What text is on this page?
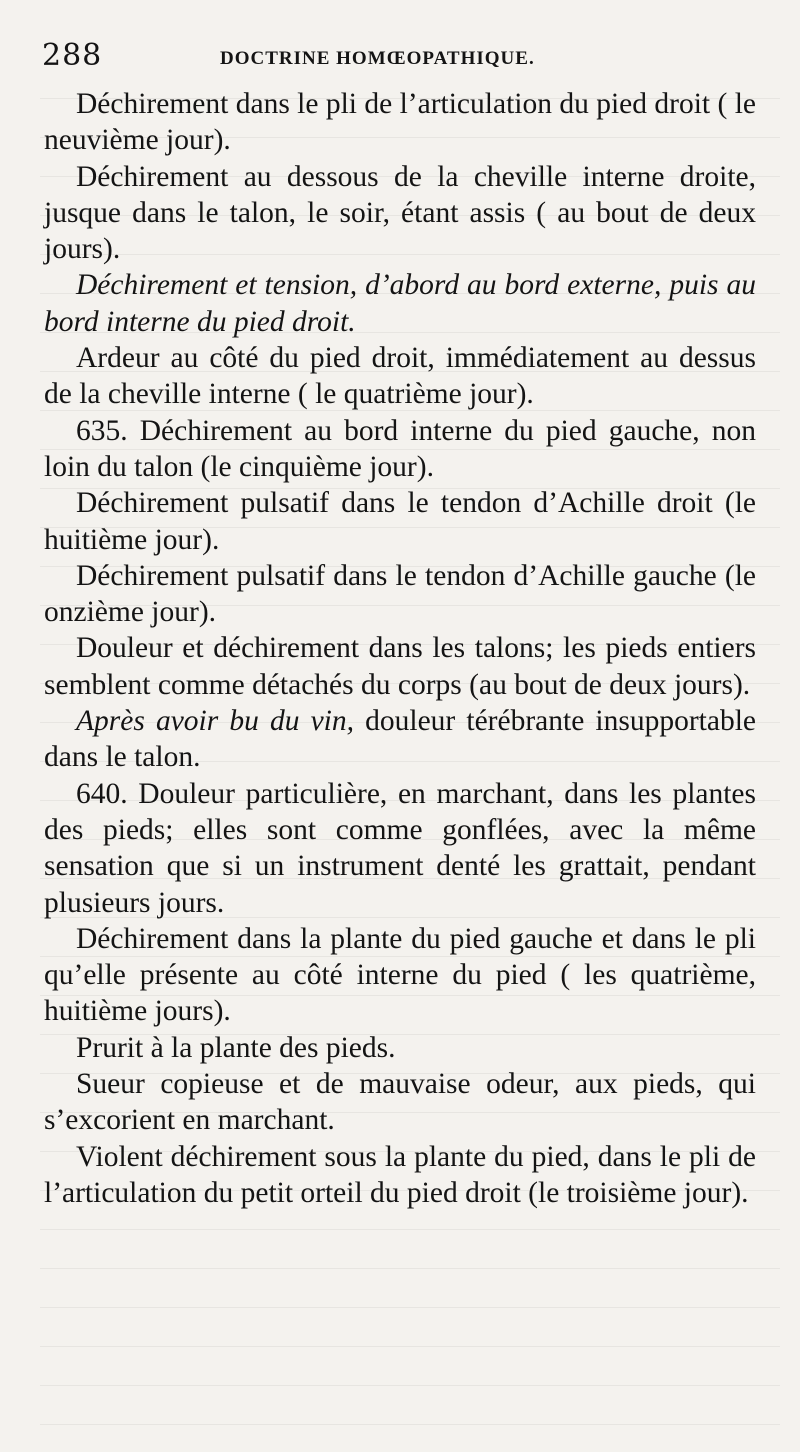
288	DOCTRINE HOMŒOPATHIQUE.

Déchirement dans le pli de l’articulation du pied droit ( le neuvième jour).

Déchirement au dessous de la cheville interne droite, jusque dans le talon, le soir, étant assis ( au bout de deux jours).

Déchirement et tension, d’abord au bord externe, puis au bord interne du pied droit.

Ardeur au côté du pied droit, immédiatement au dessus de la cheville interne ( le quatrième jour).

635. Déchirement au bord interne du pied gauche, non loin du talon (le cinquième jour).

Déchirement pulsatif dans le tendon d’Achille droit (le huitième jour).

Déchirement pulsatif dans le tendon d’Achille gauche (le onzième jour).

Douleur et déchirement dans les talons; les pieds entiers semblent comme détachés du corps (au bout de deux jours).

Après avoir bu du vin, douleur térébrante insupportable dans le talon.

640. Douleur particulière, en marchant, dans les plantes des pieds; elles sont comme gonflées, avec la même sensation que si un instrument denté les grattait, pendant plusieurs jours.

Déchirement dans la plante du pied gauche et dans le pli qu’elle présente au côté interne du pied ( les quatrième, huitième jours).

Prurit à la plante des pieds.

Sueur copieuse et de mauvaise odeur, aux pieds, qui s’excorient en marchant.

Violent déchirement sous la plante du pied, dans le pli de l’articulation du petit orteil du pied droit (le troisième jour).
